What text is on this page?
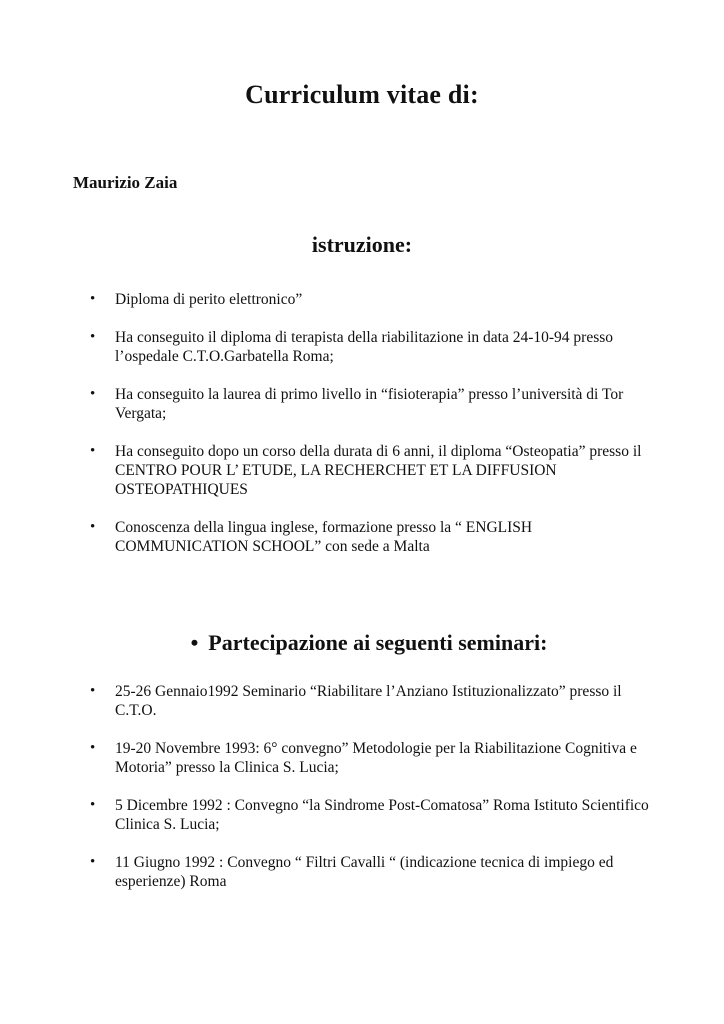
Curriculum vitae di:
Maurizio Zaia
istruzione:
• Diploma di perito elettronico”
• Ha conseguito il diploma di terapista della riabilitazione in data 24-10-94 presso l’ospedale C.T.O.Garbatella Roma;
• Ha conseguito la laurea di primo livello in “fisioterapia” presso l’università di Tor Vergata;
• Ha conseguito dopo un corso della durata di 6 anni, il diploma “Osteopatia” presso il CENTRO POUR L’ ETUDE, LA RECHERCHET ET LA DIFFUSION OSTEOPATHIQUES
• Conoscenza della lingua inglese, formazione presso la “ ENGLISH COMMUNICATION SCHOOL” con sede a Malta
• Partecipazione ai seguenti seminari:
• 25-26 Gennaio1992 Seminario “Riabilitare l’Anziano Istituzionalizzato” presso il C.T.O.
• 19-20 Novembre 1993: 6° convegno” Metodologie per la Riabilitazione Cognitiva e Motoria” presso la Clinica S. Lucia;
• 5 Dicembre 1992 : Convegno “la Sindrome Post-Comatosa” Roma Istituto Scientifico Clinica S. Lucia;
• 11 Giugno 1992 : Convegno “ Filtri Cavalli “ (indicazione tecnica di impiego ed esperienze) Roma
